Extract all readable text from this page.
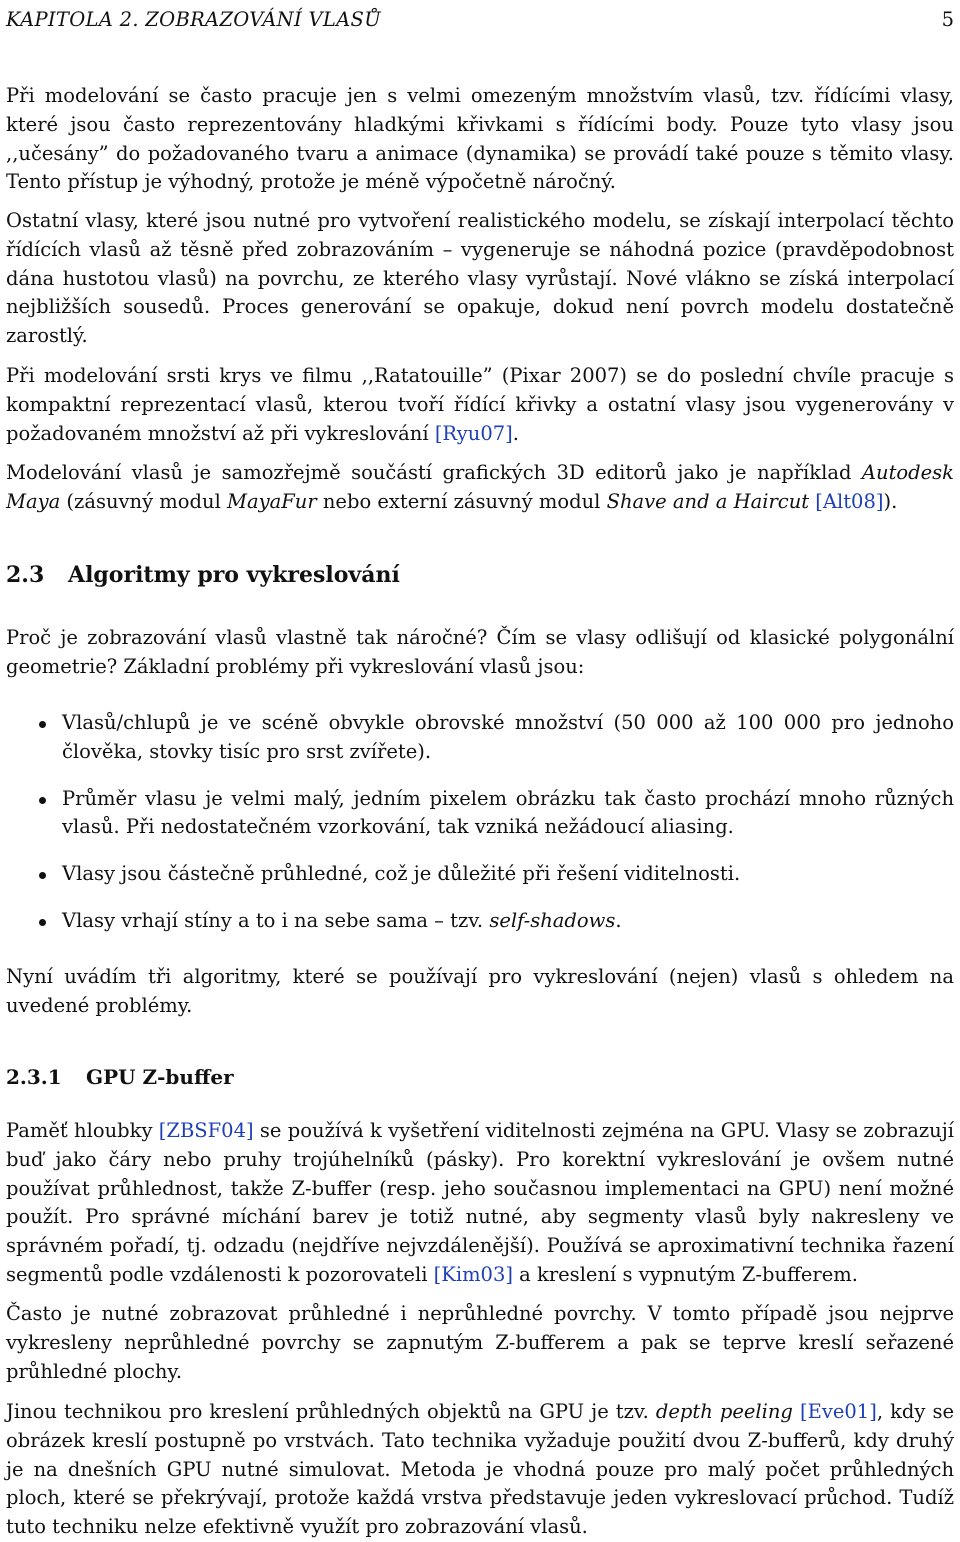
KAPITOLA 2. ZOBRAZOVÁNÍ VLASŮ	5

Při modelování se často pracuje jen s velmi omezeným množstvím vlasů, tzv. řídícími vlasy, které jsou často reprezentovány hladkými křivkami s řídícími body. Pouze tyto vlasy jsou ,,učesány” do požadovaného tvaru a animace (dynamika) se provádí také pouze s těmito vlasy. Tento přístup je výhodný, protože je méně výpočetně náročný.

Ostatní vlasy, které jsou nutné pro vytvoření realistického modelu, se získají interpolací těchto řídících vlasů až těsně před zobrazováním – vygeneruje se náhodná pozice (pravděpodobnost dána hustotou vlasů) na povrchu, ze kterého vlasy vyrůstají. Nové vlákno se získá interpolací nejbližších sousedů. Proces generování se opakuje, dokud není povrch modelu dostatečně zarostlý.

Při modelování srsti krys ve filmu ,,Ratatouille” (Pixar 2007) se do poslední chvíle pracuje s kompaktní reprezentací vlasů, kterou tvoří řídící křivky a ostatní vlasy jsou vygenerovány v požadovaném množství až při vykreslování [Ryu07].

Modelování vlasů je samozřejmě součástí grafických 3D editorů jako je například Autodesk Maya (zásuvný modul MayaFur nebo externí zásuvný modul Shave and a Haircut [Alt08]).

2.3 Algoritmy pro vykreslování

Proč je zobrazování vlasů vlastně tak náročné? Čím se vlasy odlišují od klasické polygonální geometrie? Základní problémy při vykreslování vlasů jsou:

Vlasů/chlupů je ve scéně obvykle obrovské množství (50 000 až 100 000 pro jednoho člověka, stovky tisíc pro srst zvířete).
Průměr vlasu je velmi malý, jedním pixelem obrázku tak často prochází mnoho různých vlasů. Při nedostatečném vzorkování, tak vzniká nežádoucí aliasing.
Vlasy jsou částečně průhledné, což je důležité při řešení viditelnosti.
Vlasy vrhají stíny a to i na sebe sama – tzv. self-shadows.

Nyní uvádím tři algoritmy, které se používají pro vykreslování (nejen) vlasů s ohledem na uvedené problémy.

2.3.1 GPU Z-buffer

Paměť hloubky [ZBSF04] se používá k vyšetření viditelnosti zejména na GPU. Vlasy se zobrazují buď jako čáry nebo pruhy trojúhelníků (pásky). Pro korektní vykreslování je ovšem nutné používat průhlednost, takže Z-buffer (resp. jeho současnou implementaci na GPU) není možné použít. Pro správné míchání barev je totiž nutné, aby segmenty vlasů byly nakresleny ve správném pořadí, tj. odzadu (nejdříve nejvzdálenější). Používá se aproximativní technika řazení segmentů podle vzdálenosti k pozorovateli [Kim03] a kreslení s vypnutým Z-bufferem.

Často je nutné zobrazovat průhledné i neprůhledné povrchy. V tomto případě jsou nejprve vykresleny neprůhledné povrchy se zapnutým Z-bufferem a pak se teprve kreslí seřazené průhledné plochy.

Jinou technikou pro kreslení průhledných objektů na GPU je tzv. depth peeling [Eve01], kdy se obrázek kreslí postupně po vrstvách. Tato technika vyžaduje použití dvou Z-bufferů, kdy druhý je na dnešních GPU nutné simulovat. Metoda je vhodná pouze pro malý počet průhledných ploch, které se překrývají, protože každá vrstva představuje jeden vykreslovací průchod. Tudíž tuto techniku nelze efektivně využít pro zobrazování vlasů.
